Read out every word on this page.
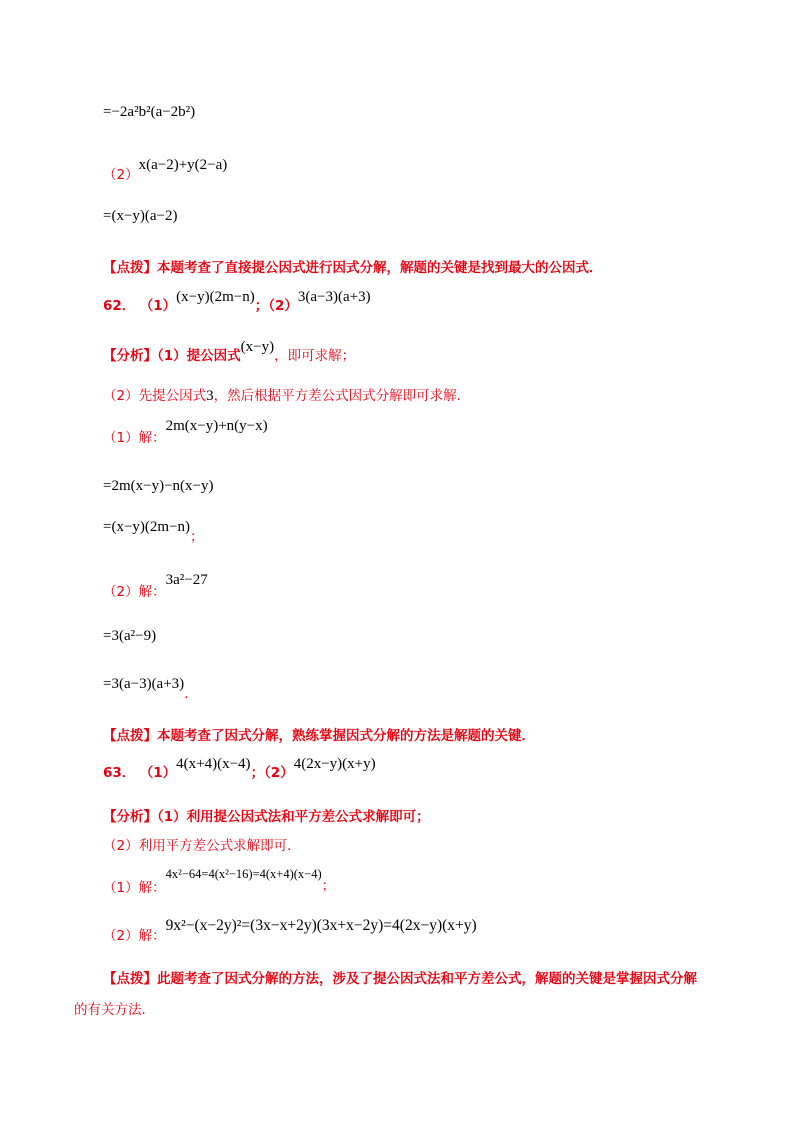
=−2a²b²(a−2b²)
（2）x(a−2)+y(2−a)
=(x−y)(a−2)
【点拨】本题考查了直接提公因式进行因式分解，解题的关键是找到最大的公因式．
62． （1）(x−y)(2m−n)；（2）3(a−3)(a+3)
【分析】（1）提公因式(x−y)，即可求解；
（2）先提公因式3，然后根据平方差公式因式分解即可求解．
（1）解：2m(x−y)+n(y−x)
=2m(x−y)−n(x−y)
=(x−y)(2m−n)；
（2）解：3a²−27
=3(a²−9)
=3(a−3)(a+3)．
【点拨】本题考查了因式分解，熟练掌握因式分解的方法是解题的关键．
63． （1）4(x+4)(x−4)；（2）4(2x−y)(x+y)
【分析】（1）利用提公因式法和平方差公式求解即可；
（2）利用平方差公式求解即可．
（1）解：4x²−64=4(x²−16)=4(x+4)(x−4)；
（2）解：9x²−(x−2y)²=(3x−x+2y)(3x+x−2y)=4(2x−y)(x+y)
【点拨】此题考查了因式分解的方法，涉及了提公因式法和平方差公式，解题的关键是掌握因式分解
的有关方法．
